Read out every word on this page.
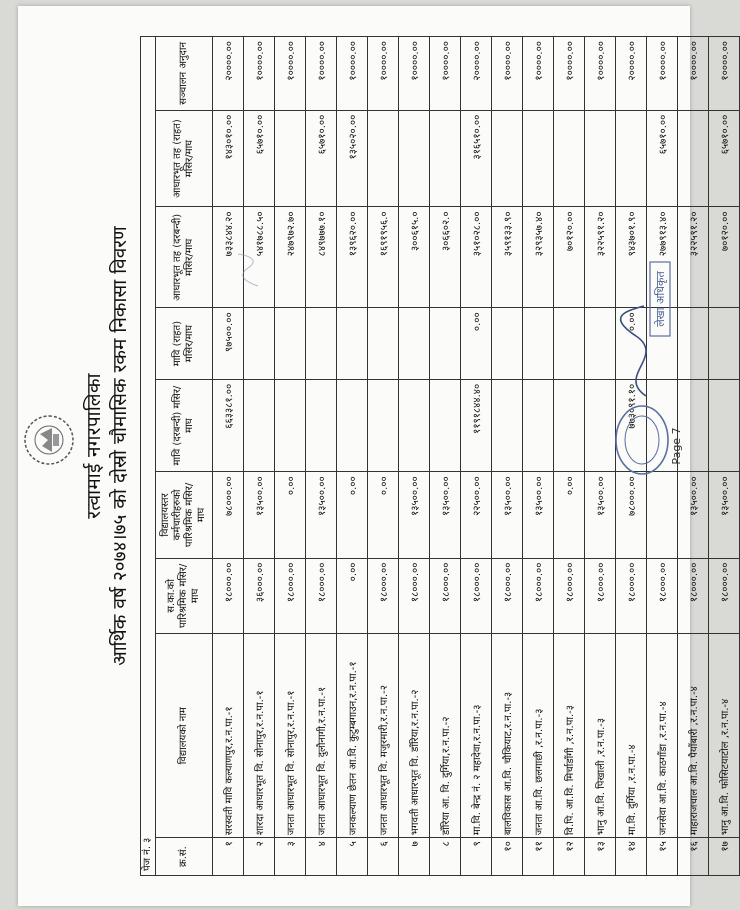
रत्वामाई नगरपालिका आर्थिक वर्ष २०७४।७५ को दोस्रो चौमासिक रकम निकासा विवरण
पेज नं. ३								
क्र.सं.	विद्यालयको नाम	स.का.को पारिश्रमिक मसिर/माघ	विद्यालयस्तर कर्मचारीहरुको पारिश्रमिक मसिर/माघ	मावि (दरबन्दी) मसिर/माघ	मावि (राहत) मसिर/माघ	आधारभूत तह (दरबन्दी) मसिर/माघ	आधारभूत तह (राहत) मसिर/माघ	सञ्चालन अनुदान
१	सरस्वती मावि कल्याणपुर,र.न.पा.-१	१८०००.००	७८०००.००	६६३३८१.००	९७५००.००	७३३८४४.२०	१४३०१०.००	२००००.००
२	शारदा आधारभूत वि. सोनापुर,र.न.पा.-१	३६०००.००	१३५००.००			५४१७८८.५०	६५७१०.००	१००००.००
३	जनता आधारभूत वि. सोनापुर,र.न.पा.-१	१८०००.००	०.००			२४७९७२.७०		१००००.००
४	जनता आधारभूत वि. दुलौनागी,र.न.पा.-१	१८०००.००	१३५००.००			८४९७७७.१०	६५७१०.००	१००००.००
५	जनकल्याण छेतन आ.वि. कुटुम्बगाउन,र.न.पा.-१	०.००	०.००			१३९६२०.००	१३५०२०.००	१००००.००
६	जनता आधारभूत वि. मजुरमारी,र.न.पा.-२	१८०००.००	०.००			१६९१९५६.०		१००००.००
७	भगवती आधारभूत वि. डाँरिया,र.न.पा.-२	१८०००.००	१३५००.००			३००६१५.०		१००००.००
८	डाँरिया आ. वि. दुर्गिया,र.न.पा.-२	१८०००.००	१३५००.००			३०६६०२.०		१००००.००
९	मा.वि. बेन्द्र नं. २ महादेवा,र.न.पा.-३	१८०००.००	२२५००.००	११९१८४४.४०	०.००	३५१०२८.००	३१६५१०.००	२००००.००
१०	बालविकास आ.वि. चौकियाट,र.न.पा.-३	१८०००.००	१३५००.००			३५९१३३.९०		१००००.००
११	जनता आ.वि. छलगाछी ,र.न.पा.-३	१८०००.००	१३५००.००			३२९३५७.४०		१००००.००
१२	वि.पि. आ.वि. मिर्चाडाँगी ,र.न.पा.-३	१८०००.००	०.००			७०१२०.००		१००००.००
१३	भानु आ.वि. पिखाली ,र.न.पा.-३	१८०००.००	१३५००.००			३२२५९१.२०		१००००.००
१४	मा.वि. दुर्गिया ,र.न.पा.-४	१८०००.००	७८०००.००	७७३०९१.१०	०.००	९४३७०१.९०		२००००.००
१५	जनसेवा आ.वि. काठगाँडा ,र.न.पा.-४	१८०००.००				२७७९१३.४०	६५७१०.००	१००००.००
१६	माहाराजचाल आ.वि. पैयाँबारी ,र.न.पा.-४	१८०००.००	१३५००.००			३२२५९१.२०		१००००.००
१७	भानु आ.वि. फोसिटयाटोल ,र.न.पा.-४	१८०००.००	१३५००.००			७०१२०.००	६५७१०.००	१००००.००
लेखा अधिकृत
Page 7
